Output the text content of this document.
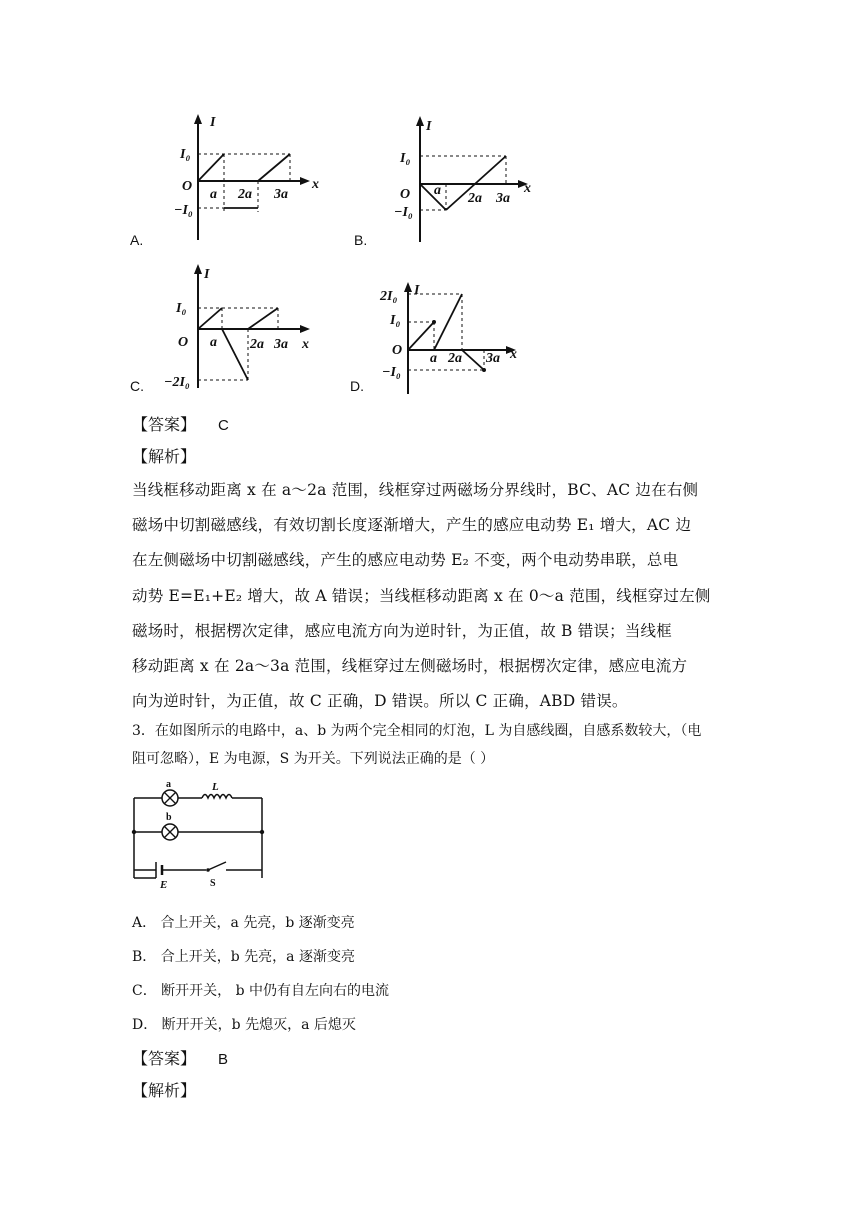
I
x
I₀
O
−I₀
a 2a 3a
A.
I
x
I₀
O
−I₀
a
2a 3a
B.
I
x
I₀
O
−2I₀
a 2a 3a
C.
I
x
2I₀
I₀
O
−I₀
a 2a 3a
D.
【答案】 C
【解析】
当线框移动距离 x 在 a～2a 范围，线框穿过两磁场分界线时，BC、AC 边在右侧
磁场中切割磁感线，有效切割长度逐渐增大，产生的感应电动势 E₁ 增大，AC 边
在左侧磁场中切割磁感线，产生的感应电动势 E₂ 不变，两个电动势串联，总电
动势 E=E₁+E₂ 增大，故 A 错误；当线框移动距离 x 在 0～a 范围，线框穿过左侧
磁场时，根据楞次定律，感应电流方向为逆时针，为正值，故 B 错误；当线框
移动距离 x 在 2a～3a 范围，线框穿过左侧磁场时，根据楞次定律，感应电流方
向为逆时针，为正值，故 C 正确，D 错误。所以 C 正确，ABD 错误。
3．在如图所示的电路中，a、b 为两个完全相同的灯泡，L 为自感线圈，自感系数较大，（电
阻可忽略），E 为电源，S 为开关。下列说法正确的是（ ）
a
b
L
E	S
A． 合上开关，a 先亮，b 逐渐变亮
B． 合上开关，b 先亮，a 逐渐变亮
C． 断开开关， b 中仍有自左向右的电流
D． 断开开关，b 先熄灭，a 后熄灭
【答案】 B
【解析】
